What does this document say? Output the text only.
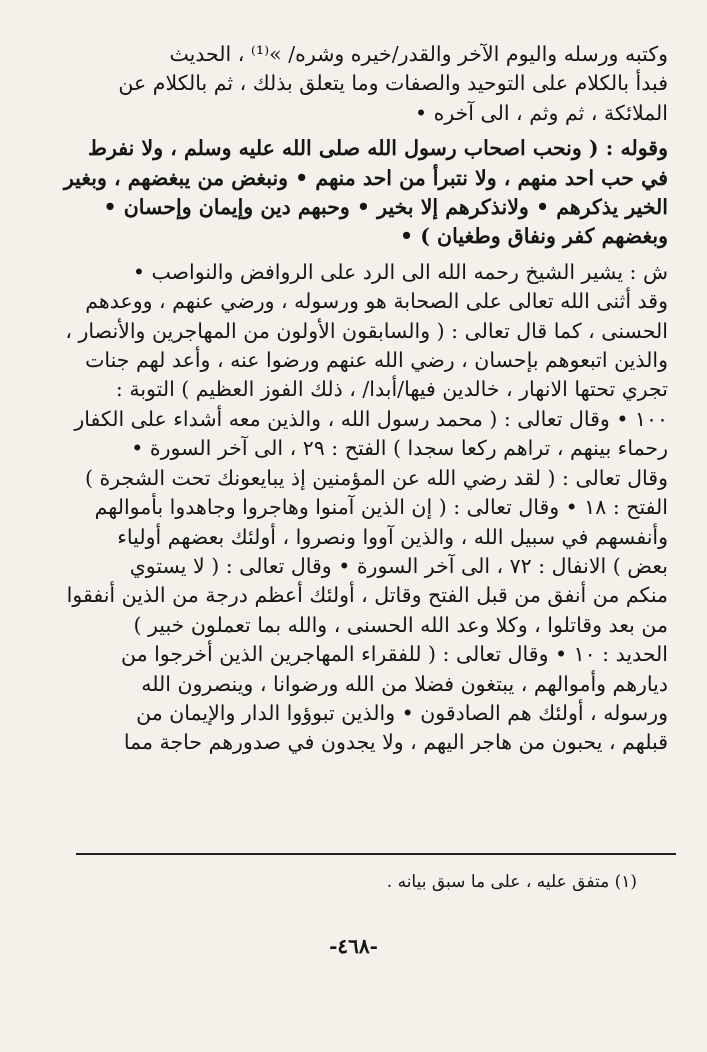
وكتبه ورسله واليوم الآخر والقدر/خيره وشره/ »⁽¹⁾ ، الحديث
فبدأ بالكلام على التوحيد والصفات وما يتعلق بذلك ، ثم بالكلام عن
الملائكة ، ثم وثم ، الى آخره •
وقوله : ( ونحب اصحاب رسول الله صلى الله عليه وسلم ، ولا نفرط
في حب احد منهم ، ولا نتبرأ من احد منهم • ونبغض من يبغضهم ، وبغير
الخير يذكرهم • ولانذكرهم إلا بخير • وحبهم دين وإيمان وإحسان •
وبغضهم كفر ونفاق وطغيان ) •
ش : يشير الشيخ رحمه الله الى الرد على الروافض والنواصب •
وقد أثنى الله تعالى على الصحابة هو ورسوله ، ورضي عنهم ، ووعدهم
الحسنى ، كما قال تعالى : ( والسابقون الأولون من المهاجرين والأنصار ،
والذين اتبعوهم بإحسان ، رضي الله عنهم ورضوا عنه ، وأعد لهم جنات
تجري تحتها الانهار ، خالدين فيها/أبدا/ ، ذلك الفوز العظيم ) التوبة :
١٠٠ • وقال تعالى : ( محمد رسول الله ، والذين معه أشداء على الكفار
رحماء بينهم ، تراهم ركعا سجدا ) الفتح : ٢٩ ، الى آخر السورة •
وقال تعالى : ( لقد رضي الله عن المؤمنين إذ يبايعونك تحت الشجرة )
الفتح : ١٨ • وقال تعالى : ( إن الذين آمنوا وهاجروا وجاهدوا بأموالهم
وأنفسهم في سبيل الله ، والذين آووا ونصروا ، أولئك بعضهم أولياء
بعض ) الانفال : ٧٢ ، الى آخر السورة • وقال تعالى : ( لا يستوي
منكم من أنفق من قبل الفتح وقاتل ، أولئك أعظم درجة من الذين أنفقوا
من بعد وقاتلوا ، وكلا وعد الله الحسنى ، والله بما تعملون خبير )
الحديد : ١٠ • وقال تعالى : ( للفقراء المهاجرين الذين أخرجوا من
ديارهم وأموالهم ، يبتغون فضلا من الله ورضوانا ، وينصرون الله
ورسوله ، أولئك هم الصادقون • والذين تبوؤوا الدار والإيمان من
قبلهم ، يحبون من هاجر اليهم ، ولا يجدون في صدورهم حاجة مما
(١) متفق عليه ، على ما سبق بيانه .
-٤٦٨-
